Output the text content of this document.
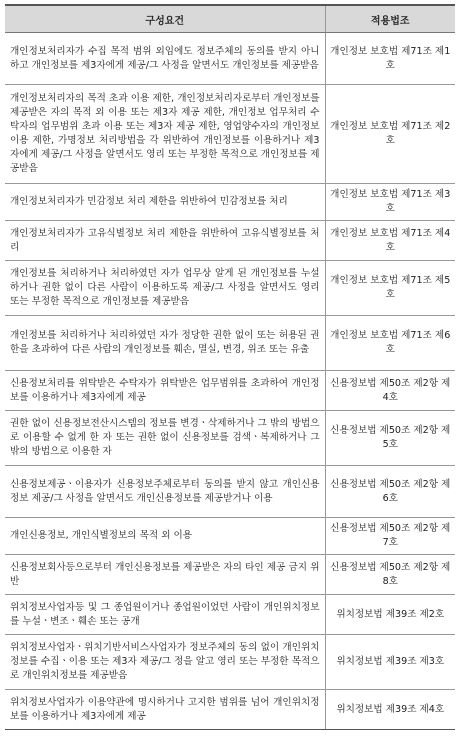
구성요건	적용법조
개인정보처리자가 수집 목적 범위 외임에도 정보주체의 동의를 받지 아니하고 개인정보를 제3자에게 제공/그 사정을 알면서도 개인정보를 제공받음	개인정보 보호법 제71조 제1호
개인정보처리자의 목적 초과 이용 제한, 개인정보처리자로부터 개인정보를 제공받은 자의 목적 외 이용 또는 제3자 제공 제한, 개인정보 업무처리 수탁자의 업무범위 초과 이용 또는 제3자 제공 제한, 영업양수자의 개인정보 이용 제한, 가명정보 처리방법을 각 위반하여 개인정보를 이용하거나 제3자에게 제공/그 사정을 알면서도 영리 또는 부정한 목적으로 개인정보를 제공받음	개인정보 보호법 제71조 제2호
개인정보처리자가 민감정보 처리 제한을 위반하여 민감정보를 처리	개인정보 보호법 제71조 제3호
개인정보처리자가 고유식별정보 처리 제한을 위반하여 고유식별정보를 처리	개인정보 보호법 제71조 제4호
개인정보를 처리하거나 처리하였던 자가 업무상 알게 된 개인정보를 누설하거나 권한 없이 다른 사람이 이용하도록 제공/그 사정을 알면서도 영리 또는 부정한 목적으로 개인정보를 제공받음	개인정보 보호법 제71조 제5호
개인정보를 처리하거나 처리하였던 자가 정당한 권한 없이 또는 허용된 권한을 초과하여 다른 사람의 개인정보를 훼손, 멸실, 변경, 위조 또는 유출	개인정보 보호법 제71조 제6호
신용정보처리를 위탁받은 수탁자가 위탁받은 업무범위를 초과하여 개인정보를 이용하거나 제3자에게 제공	신용정보법 제50조 제2항 제4호
권한 없이 신용정보전산시스템의 정보를 변경ㆍ삭제하거나 그 밖의 방법으로 이용할 수 없게 한 자 또는 권한 없이 신용정보를 검색ㆍ복제하거나 그 밖의 방법으로 이용한 자	신용정보법 제50조 제2항 제5호
신용정보제공ㆍ이용자가 신용정보주체로부터 동의를 받지 않고 개인신용정보 제공/그 사정을 알면서도 개인신용정보를 제공받거나 이용	신용정보법 제50조 제2항 제6호
개인신용정보, 개인식별정보의 목적 외 이용	신용정보법 제50조 제2항 제7호
신용정보회사등으로부터 개인신용정보를 제공받은 자의 타인 제공 금지 위반	신용정보법 제50조 제2항 제8호
위치정보사업자등 및 그 종업원이거나 종업원이었던 사람이 개인위치정보를 누설ㆍ변조ㆍ훼손 또는 공개	위치정보법 제39조 제2호
위치정보사업자ㆍ위치기반서비스사업자가 정보주체의 동의 없이 개인위치정보를 수집ㆍ이용 또는 제3자 제공/그 정을 알고 영리 또는 부정한 목적으로 개인위치정보를 제공받음	위치정보법 제39조 제3호
위치정보사업자가 이용약관에 명시하거나 고지한 범위를 넘어 개인위치정보를 이용하거나 제3자에게 제공	위치정보법 제39조 제4호
